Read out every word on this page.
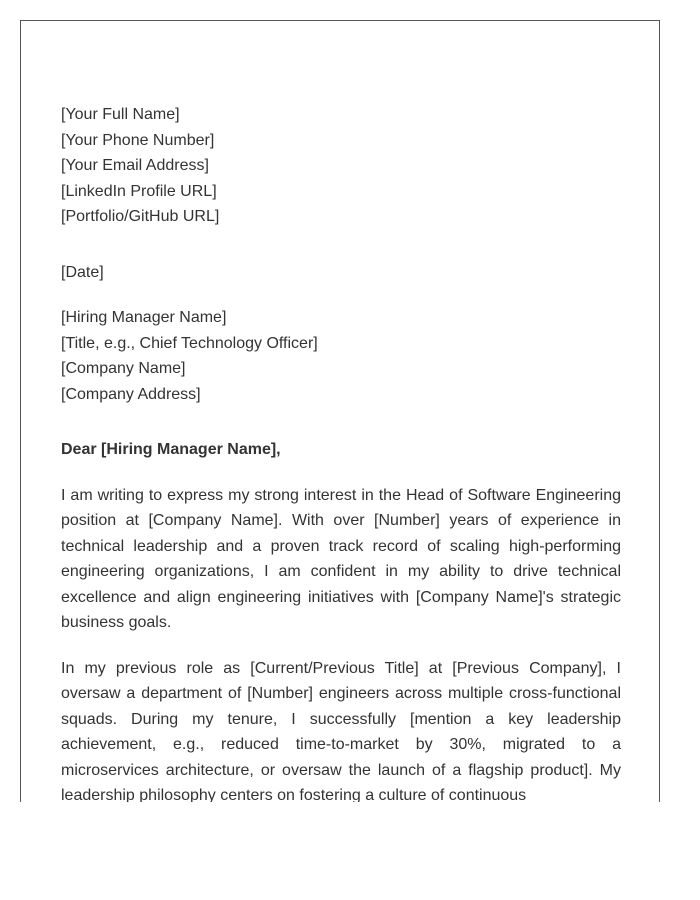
[Your Full Name]
[Your Phone Number]
[Your Email Address]
[LinkedIn Profile URL]
[Portfolio/GitHub URL]
[Date]
[Hiring Manager Name]
[Title, e.g., Chief Technology Officer]
[Company Name]
[Company Address]
Dear [Hiring Manager Name],

I am writing to express my strong interest in the Head of Software Engineering position at [Company Name]. With over [Number] years of experience in technical leadership and a proven track record of scaling high-performing engineering organizations, I am confident in my ability to drive technical excellence and align engineering initiatives with [Company Name]'s strategic business goals.

In my previous role as [Current/Previous Title] at [Previous Company], I oversaw a department of [Number] engineers across multiple cross-functional squads. During my tenure, I successfully [mention a key leadership achievement, e.g., reduced time-to-market by 30%, migrated to a microservices architecture, or oversaw the launch of a flagship product]. My leadership philosophy centers on fostering a culture of continuous
